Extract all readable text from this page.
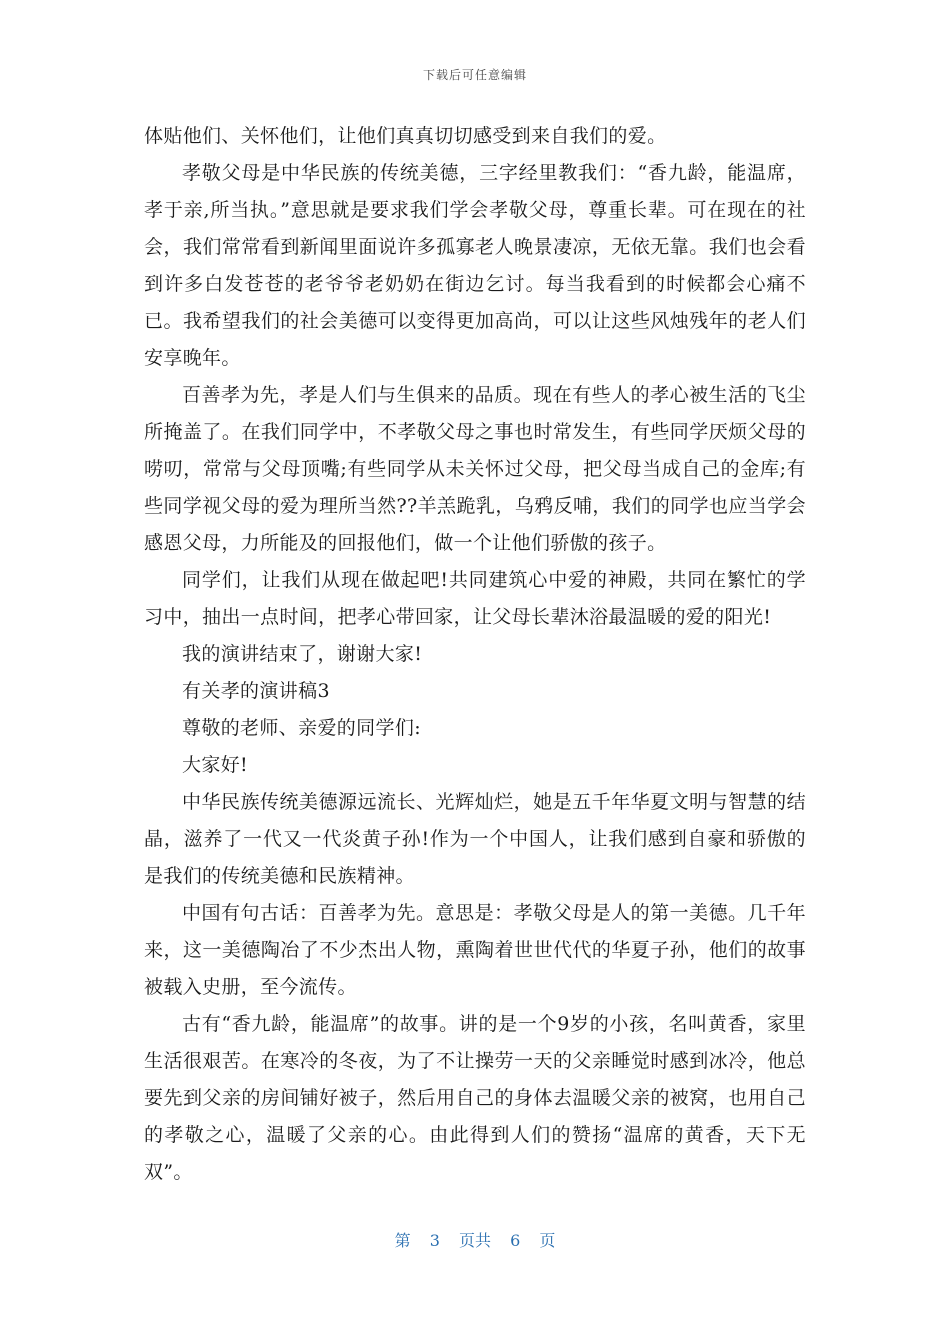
下载后可任意编辑

体贴他们、关怀他们，让他们真真切切感受到来自我们的爱。

孝敬父母是中华民族的传统美德，三字经里教我们：“香九龄，能温席，孝于亲,所当执。”意思就是要求我们学会孝敬父母，尊重长辈。可在现在的社会，我们常常看到新闻里面说许多孤寡老人晚景凄凉，无依无靠。我们也会看到许多白发苍苍的老爷爷老奶奶在街边乞讨。每当我看到的时候都会心痛不已。我希望我们的社会美德可以变得更加高尚，可以让这些风烛残年的老人们安享晚年。

百善孝为先，孝是人们与生俱来的品质。现在有些人的孝心被生活的飞尘所掩盖了。在我们同学中，不孝敬父母之事也时常发生，有些同学厌烦父母的唠叨，常常与父母顶嘴;有些同学从未关怀过父母，把父母当成自己的金库;有些同学视父母的爱为理所当然??羊羔跪乳，乌鸦反哺，我们的同学也应当学会感恩父母，力所能及的回报他们，做一个让他们骄傲的孩子。

同学们，让我们从现在做起吧!共同建筑心中爱的神殿，共同在繁忙的学习中，抽出一点时间，把孝心带回家，让父母长辈沐浴最温暖的爱的阳光!

我的演讲结束了，谢谢大家!

有关孝的演讲稿3

尊敬的老师、亲爱的同学们:

大家好!

中华民族传统美德源远流长、光辉灿烂，她是五千年华夏文明与智慧的结晶，滋养了一代又一代炎黄子孙!作为一个中国人，让我们感到自豪和骄傲的是我们的传统美德和民族精神。

中国有句古话：百善孝为先。意思是：孝敬父母是人的第一美德。几千年来，这一美德陶冶了不少杰出人物，熏陶着世世代代的华夏子孙，他们的故事被载入史册，至今流传。

古有“香九龄，能温席”的故事。讲的是一个9岁的小孩，名叫黄香，家里生活很艰苦。在寒冷的冬夜，为了不让操劳一天的父亲睡觉时感到冰冷，他总要先到父亲的房间铺好被子，然后用自己的身体去温暖父亲的被窝，也用自己的孝敬之心，温暖了父亲的心。由此得到人们的赞扬“温席的黄香，天下无双”。

第 3 页共 6 页
